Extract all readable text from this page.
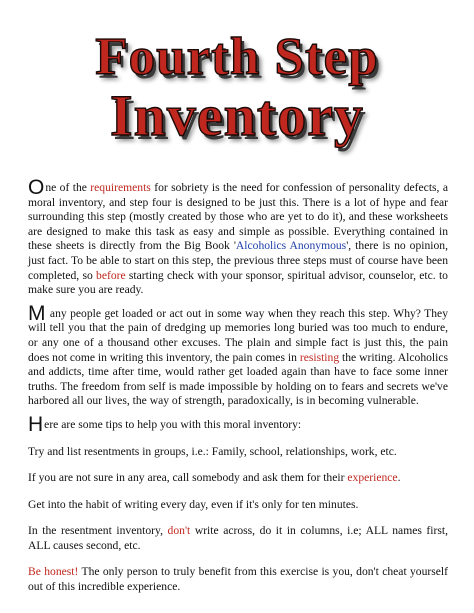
Fourth Step
Inventory

One of the requirements for sobriety is the need for confession of personality defects, a moral inventory, and step four is designed to be just this. There is a lot of hype and fear surrounding this step (mostly created by those who are yet to do it), and these worksheets are designed to make this task as easy and simple as possible. Everything contained in these sheets is directly from the Big Book 'Alcoholics Anonymous', there is no opinion, just fact. To be able to start on this step, the previous three steps must of course have been completed, so before starting check with your sponsor, spiritual advisor, counselor, etc. to make sure you are ready.

M any people get loaded or act out in some way when they reach this step. Why? They will tell you that the pain of dredging up memories long buried was too much to endure, or any one of a thousand other excuses. The plain and simple fact is just this, the pain does not come in writing this inventory, the pain comes in resisting the writing. Alcoholics and addicts, time after time, would rather get loaded again than have to face some inner truths. The freedom from self is made impossible by holding on to fears and secrets we've harbored all our lives, the way of strength, paradoxically, is in becoming vulnerable.

Here are some tips to help you with this moral inventory:

Try and list resentments in groups, i.e.: Family, school, relationships, work, etc.

If you are not sure in any area, call somebody and ask them for their experience.

Get into the habit of writing every day, even if it's only for ten minutes.

In the resentment inventory, don't write across, do it in columns, i.e; ALL names first, ALL causes second, etc.

Be honest! The only person to truly benefit from this exercise is you, don't cheat yourself out of this incredible experience.
